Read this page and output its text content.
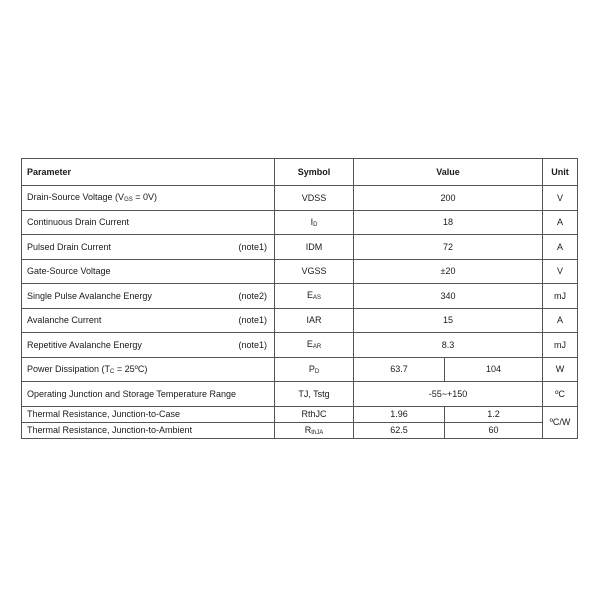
Parameter	Symbol	Value		Unit
Drain-Source Voltage $(V_{GS} = 0V)$	VDSS	200		V
Continuous Drain Current	$I_D$	18		A

Pulsed Drain Current (note1)	IDM	72		A
Gate-Source Voltage	VGSS	±20		V

Single Pulse Avalanche Energy (note2)	$E_{AS}$	340		mJ

Avalanche Current (note1)	IAR	15		A

Repetitive Avalanche Energy (note1)	$E_{AR}$	8.3		mJ
Power Dissipation ($T_C$ = 25ºC)	$P_D$	63.7	104	W
Operating Junction and Storage Temperature Range	TJ, Tstg	-55~+150		ºC
Thermal Resistance, Junction-to-Case	RthJC	1.96	1.2	ºC/W
Thermal Resistance, Junction-to-Ambient	$R_{thJA}$	62.5	60	
